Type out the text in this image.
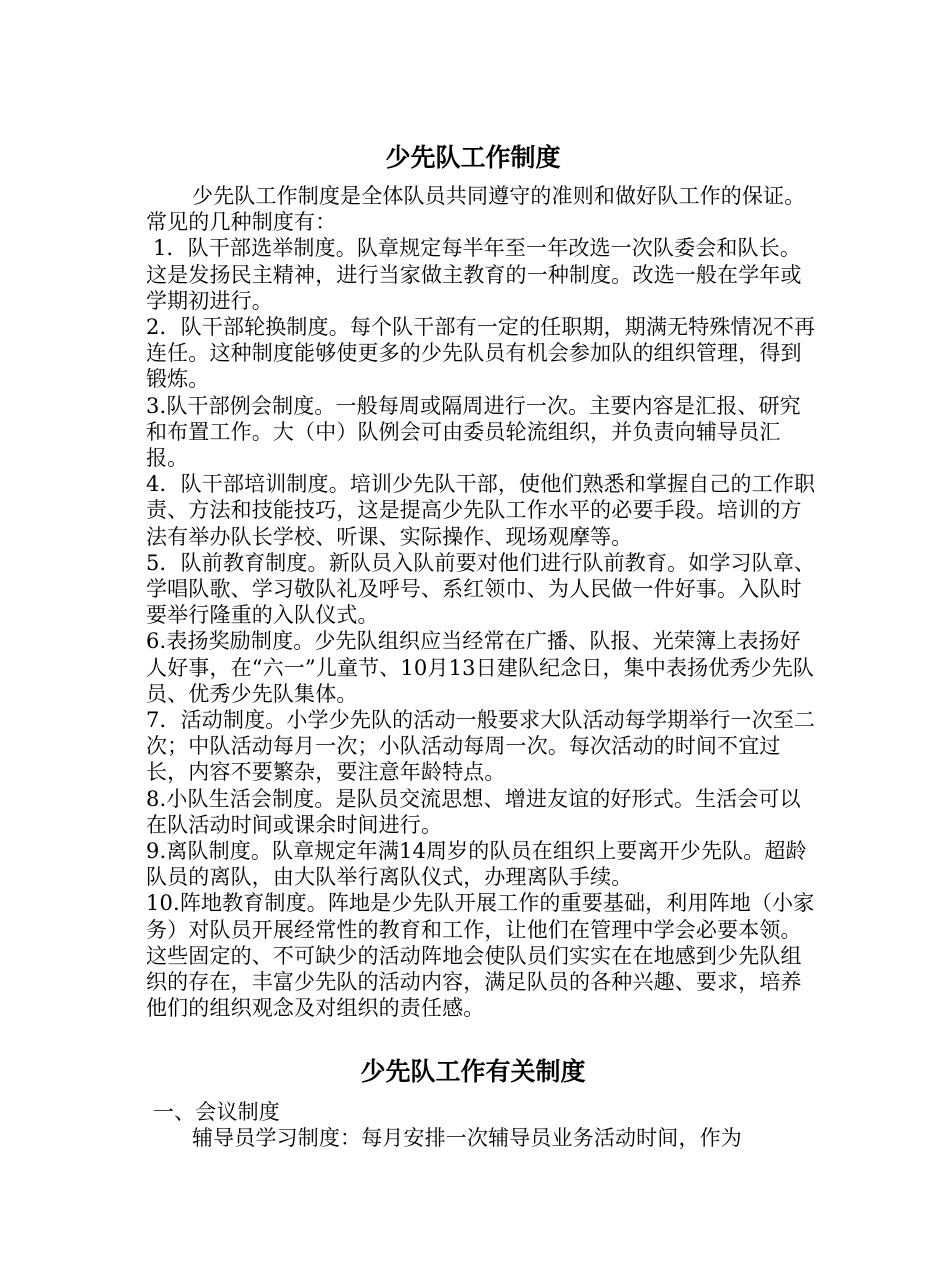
少先队工作制度

少先队工作制度是全体队员共同遵守的准则和做好队工作的保证。常见的几种制度有：

1．队干部选举制度。队章规定每半年至一年改选一次队委会和队长。这是发扬民主精神，进行当家做主教育的一种制度。改选一般在学年或学期初进行。

2．队干部轮换制度。每个队干部有一定的任职期，期满无特殊情况不再连任。这种制度能够使更多的少先队员有机会参加队的组织管理，得到锻炼。

3.队干部例会制度。一般每周或隔周进行一次。主要内容是汇报、研究和布置工作。大（中）队例会可由委员轮流组织，并负责向辅导员汇报。

4．队干部培训制度。培训少先队干部，使他们熟悉和掌握自己的工作职责、方法和技能技巧，这是提高少先队工作水平的必要手段。培训的方法有举办队长学校、听课、实际操作、现场观摩等。

5．队前教育制度。新队员入队前要对他们进行队前教育。如学习队章、学唱队歌、学习敬队礼及呼号、系红领巾、为人民做一件好事。入队时要举行隆重的入队仪式。

6.表扬奖励制度。少先队组织应当经常在广播、队报、光荣簿上表扬好人好事，在“六一”儿童节、10月13日建队纪念日，集中表扬优秀少先队员、优秀少先队集体。

7．活动制度。小学少先队的活动一般要求大队活动每学期举行一次至二次；中队活动每月一次；小队活动每周一次。每次活动的时间不宜过长，内容不要繁杂，要注意年龄特点。

8.小队生活会制度。是队员交流思想、增进友谊的好形式。生活会可以在队活动时间或课余时间进行。

9.离队制度。队章规定年满14周岁的队员在组织上要离开少先队。超龄队员的离队，由大队举行离队仪式，办理离队手续。

10.阵地教育制度。阵地是少先队开展工作的重要基础，利用阵地（小家务）对队员开展经常性的教育和工作，让他们在管理中学会必要本领。这些固定的、不可缺少的活动阵地会使队员们实实在在地感到少先队组织的存在，丰富少先队的活动内容，满足队员的各种兴趣、要求，培养他们的组织观念及对组织的责任感。

少先队工作有关制度

一、会议制度

辅导员学习制度：每月安排一次辅导员业务活动时间，作为
